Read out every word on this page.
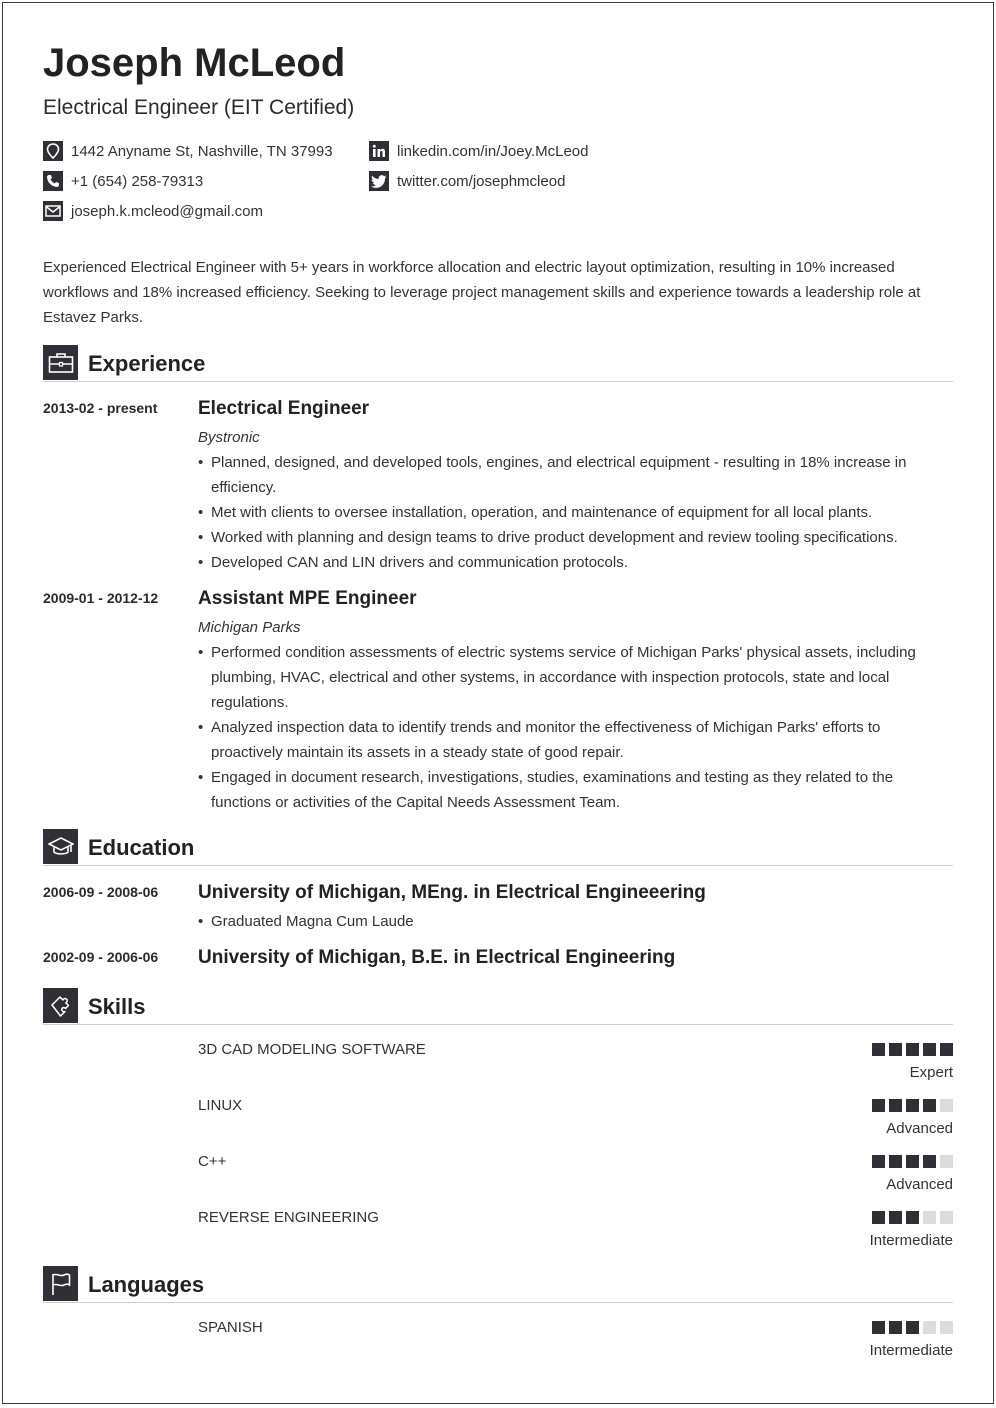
Joseph McLeod
Electrical Engineer (EIT Certified)
1442 Anyname St, Nashville, TN 37993
+1 (654) 258-79313
joseph.k.mcleod@gmail.com
linkedin.com/in/Joey.McLeod
twitter.com/josephmcleod
Experienced Electrical Engineer with 5+ years in workforce allocation and electric layout optimization, resulting in 10% increased workflows and 18% increased efficiency. Seeking to leverage project management skills and experience towards a leadership role at Estavez Parks.
Experience
2013-02 - present Electrical Engineer
Bystronic
• Planned, designed, and developed tools, engines, and electrical equipment - resulting in 18% increase in efficiency.
• Met with clients to oversee installation, operation, and maintenance of equipment for all local plants.
• Worked with planning and design teams to drive product development and review tooling specifications.
• Developed CAN and LIN drivers and communication protocols.
2009-01 - 2012-12 Assistant MPE Engineer
Michigan Parks
• Performed condition assessments of electric systems service of Michigan Parks' physical assets, including plumbing, HVAC, electrical and other systems, in accordance with inspection protocols, state and local regulations.
• Analyzed inspection data to identify trends and monitor the effectiveness of Michigan Parks' efforts to proactively maintain its assets in a steady state of good repair.
• Engaged in document research, investigations, studies, examinations and testing as they related to the functions or activities of the Capital Needs Assessment Team.
Education
2006-09 - 2008-06 University of Michigan, MEng. in Electrical Engineeering
• Graduated Magna Cum Laude
2002-09 - 2006-06 University of Michigan, B.E. in Electrical Engineering
Skills
3D CAD MODELING SOFTWARE
Expert
LINUX
Advanced
C++
Advanced
REVERSE ENGINEERING
Intermediate
Languages
SPANISH
Intermediate
